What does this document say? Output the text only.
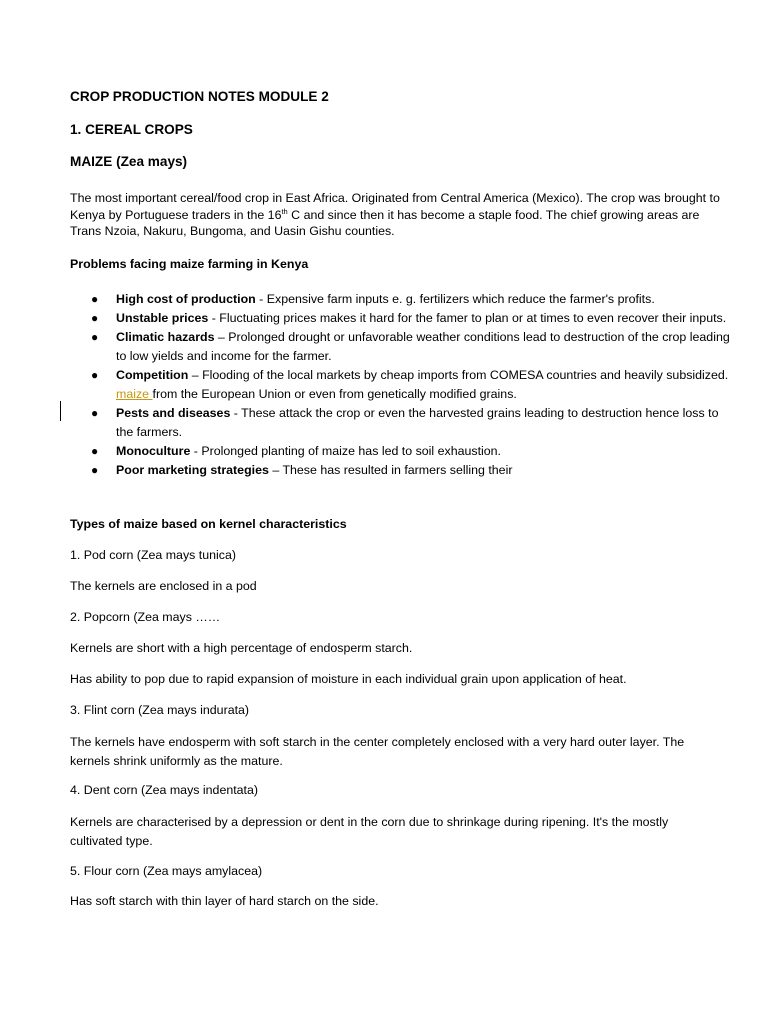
CROP PRODUCTION NOTES MODULE 2
1. CEREAL CROPS
MAIZE (Zea mays)
The most important cereal/food crop in East Africa. Originated from Central America (Mexico). The crop was brought to Kenya by Portuguese traders in the 16th C and since then it has become a staple food. The chief growing areas are Trans Nzoia, Nakuru, Bungoma, and Uasin Gishu counties.
Problems facing maize farming in Kenya
● High cost of production - Expensive farm inputs e. g. fertilizers which reduce the farmer's profits.
● Unstable prices - Fluctuating prices makes it hard for the famer to plan or at times to even recover their inputs.
● Climatic hazards – Prolonged drought or unfavorable weather conditions lead to destruction of the crop leading to low yields and income for the farmer.
● Competition – Flooding of the local markets by cheap imports from COMESA countries and heavily subsidized. maize from the European Union or even from genetically modified grains.
● Pests and diseases - These attack the crop or even the harvested grains leading to destruction hence loss to the farmers.
● Monoculture - Prolonged planting of maize has led to soil exhaustion.
● Poor marketing strategies – These has resulted in farmers selling their
Types of maize based on kernel characteristics
1. Pod corn (Zea mays tunica)
The kernels are enclosed in a pod
2. Popcorn (Zea mays ……
Kernels are short with a high percentage of endosperm starch.
Has ability to pop due to rapid expansion of moisture in each individual grain upon application of heat.
3. Flint corn (Zea mays indurata)
The kernels have endosperm with soft starch in the center completely enclosed with a very hard outer layer. The kernels shrink uniformly as the mature.
4. Dent corn (Zea mays indentata)
Kernels are characterised by a depression or dent in the corn due to shrinkage during ripening. It's the mostly cultivated type.
5. Flour corn (Zea mays amylacea)
Has soft starch with thin layer of hard starch on the side.
